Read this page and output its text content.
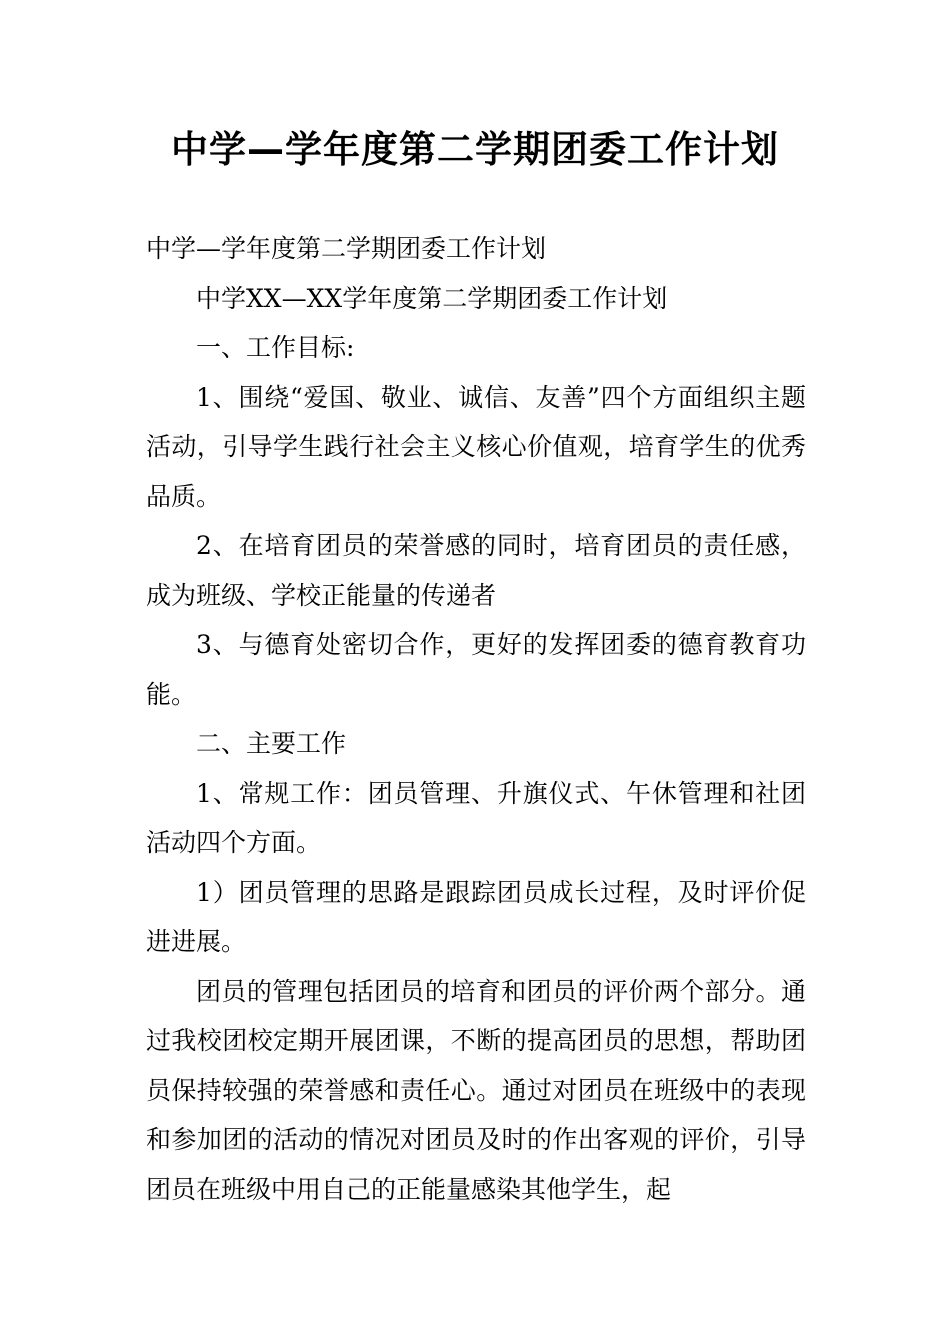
中学—学年度第二学期团委工作计划

中学—学年度第二学期团委工作计划

中学XX—XX学年度第二学期团委工作计划

一、工作目标:

1、围绕“爱国、敬业、诚信、友善”四个方面组织主题活动，引导学生践行社会主义核心价值观，培育学生的优秀品质。

2、在培育团员的荣誉感的同时，培育团员的责任感，成为班级、学校正能量的传递者

3、与德育处密切合作，更好的发挥团委的德育教育功能。

二、主要工作

1、常规工作：团员管理、升旗仪式、午休管理和社团活动四个方面。

1）团员管理的思路是跟踪团员成长过程，及时评价促进进展。

团员的管理包括团员的培育和团员的评价两个部分。通过我校团校定期开展团课，不断的提高团员的思想，帮助团员保持较强的荣誉感和责任心。通过对团员在班级中的表现和参加团的活动的情况对团员及时的作出客观的评价，引导团员在班级中用自己的正能量感染其他学生，起
